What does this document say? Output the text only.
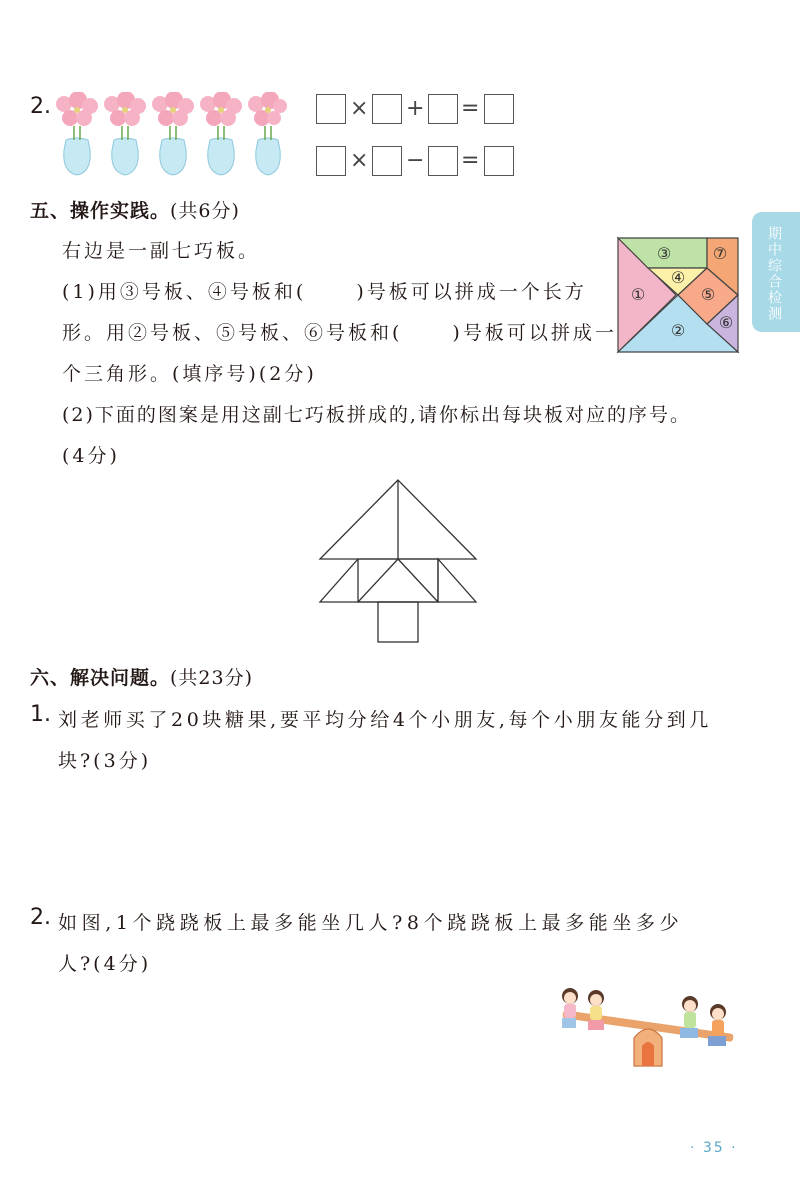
2.	× + =
× − =
期中综合检测
五、操作实践。(共6分)
右边是一副七巧板。
(1)用③号板、④号板和(	)号板可以拼成一个长方
形。用②号板、⑤号板、⑥号板和(	)号板可以拼成一
个三角形。(填序号)(2分)
(2)下面的图案是用这副七巧板拼成的,请你标出每块板对应的序号。
(4分)
①
②
③
④
⑤
⑥
⑦
六、解决问题。(共23分)
1. 刘老师买了20块糖果,要平均分给4个小朋友,每个小朋友能分到几
块?(3分)
2. 如图,1个跷跷板上最多能坐几人?8个跷跷板上最多能坐多少
人?(4分)
· 35 ·
